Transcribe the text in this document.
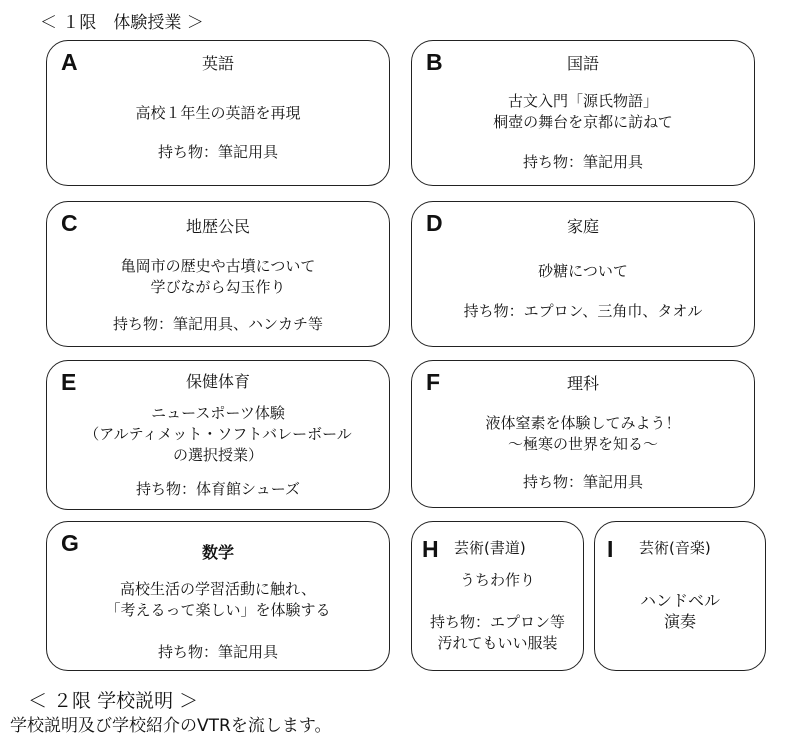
＜ １限　体験授業 ＞
A	英語
高校１年生の英語を再現
持ち物：筆記用具
B	国語
古文入門「源氏物語」
桐壺の舞台を京都に訪ねて
持ち物：筆記用具
C	地歴公民
亀岡市の歴史や古墳について
学びながら勾玉作り
持ち物：筆記用具、ハンカチ等
D	家庭
砂糖について
持ち物：エプロン、三角巾、タオル
E	保健体育
ニュースポーツ体験
（アルティメット・ソフトバレーボール
の選択授業）
持ち物：体育館シューズ
F	理科
液体窒素を体験してみよう！
～極寒の世界を知る～
持ち物：筆記用具
G	数学
高校生活の学習活動に触れ、
「考えるって楽しい」を体験する
持ち物：筆記用具
H 芸術(書道)
うちわ作り
持ち物：エプロン等
汚れてもいい服装
I 芸術(音楽)
ハンドベル
演奏
＜ ２限 学校説明 ＞
学校説明及び学校紹介のVTRを流します。
